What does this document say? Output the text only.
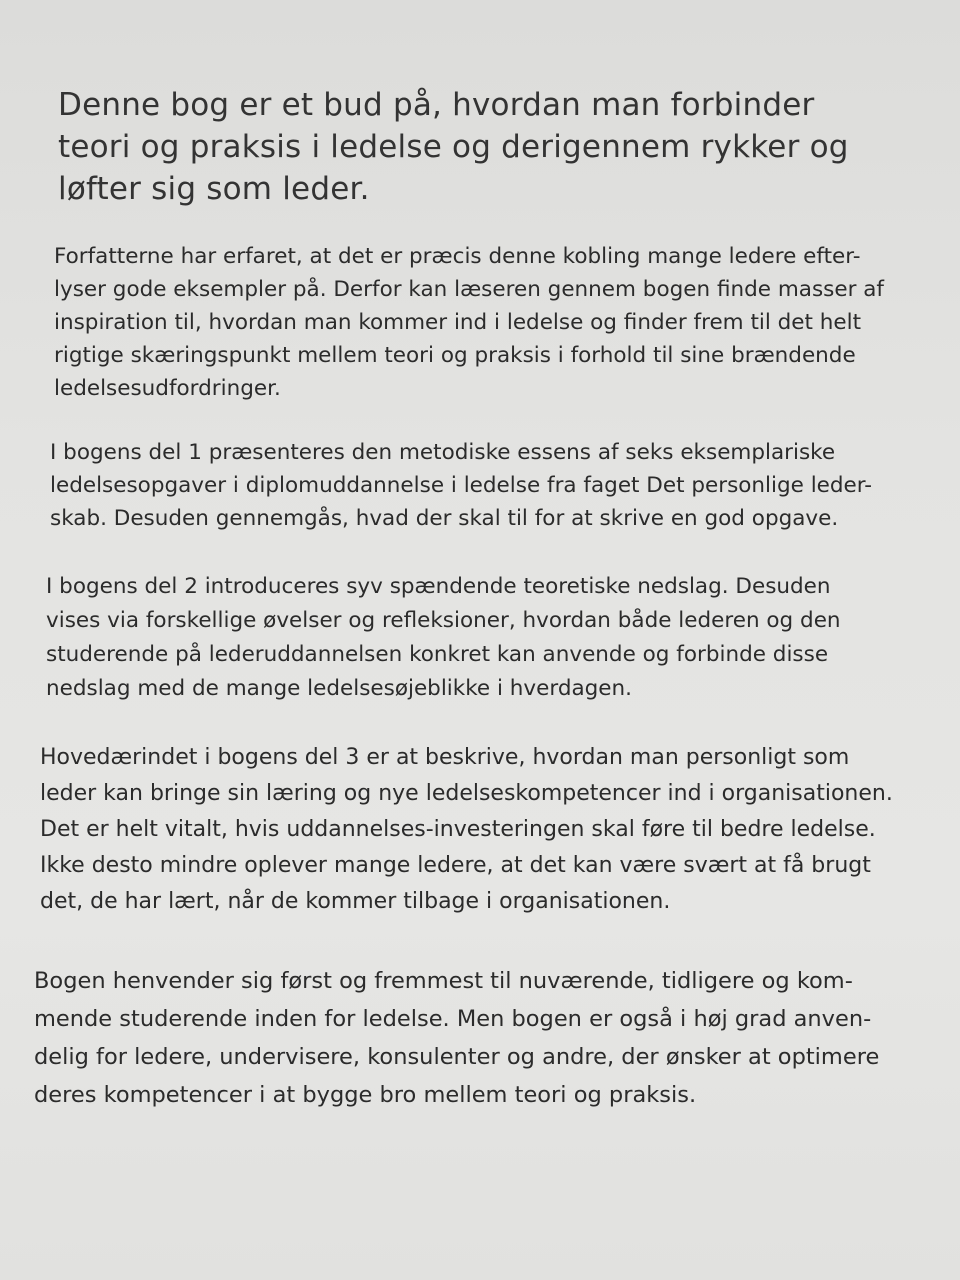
Denne bog er et bud på, hvordan man forbinder
teori og praksis i ledelse og derigennem rykker og
løfter sig som leder.

Forfatterne har erfaret, at det er præcis denne kobling mange ledere efter-
lyser gode eksempler på. Derfor kan læseren gennem bogen finde masser af
inspiration til, hvordan man kommer ind i ledelse og finder frem til det helt
rigtige skæringspunkt mellem teori og praksis i forhold til sine brændende
ledelsesudfordringer.

I bogens del 1 præsenteres den metodiske essens af seks eksemplariske
ledelsesopgaver i diplomuddannelse i ledelse fra faget Det personlige leder-
skab. Desuden gennemgås, hvad der skal til for at skrive en god opgave.

I bogens del 2 introduceres syv spændende teoretiske nedslag. Desuden
vises via forskellige øvelser og refleksioner, hvordan både lederen og den
studerende på lederuddannelsen konkret kan anvende og forbinde disse
nedslag med de mange ledelsesøjeblikke i hverdagen.

Hovedærindet i bogens del 3 er at beskrive, hvordan man personligt som
leder kan bringe sin læring og nye ledelseskompetencer ind i organisationen.
Det er helt vitalt, hvis uddannelses-investeringen skal føre til bedre ledelse.
Ikke desto mindre oplever mange ledere, at det kan være svært at få brugt
det, de har lært, når de kommer tilbage i organisationen.

Bogen henvender sig først og fremmest til nuværende, tidligere og kom-
mende studerende inden for ledelse. Men bogen er også i høj grad anven-
delig for ledere, undervisere, konsulenter og andre, der ønsker at optimere
deres kompetencer i at bygge bro mellem teori og praksis.
